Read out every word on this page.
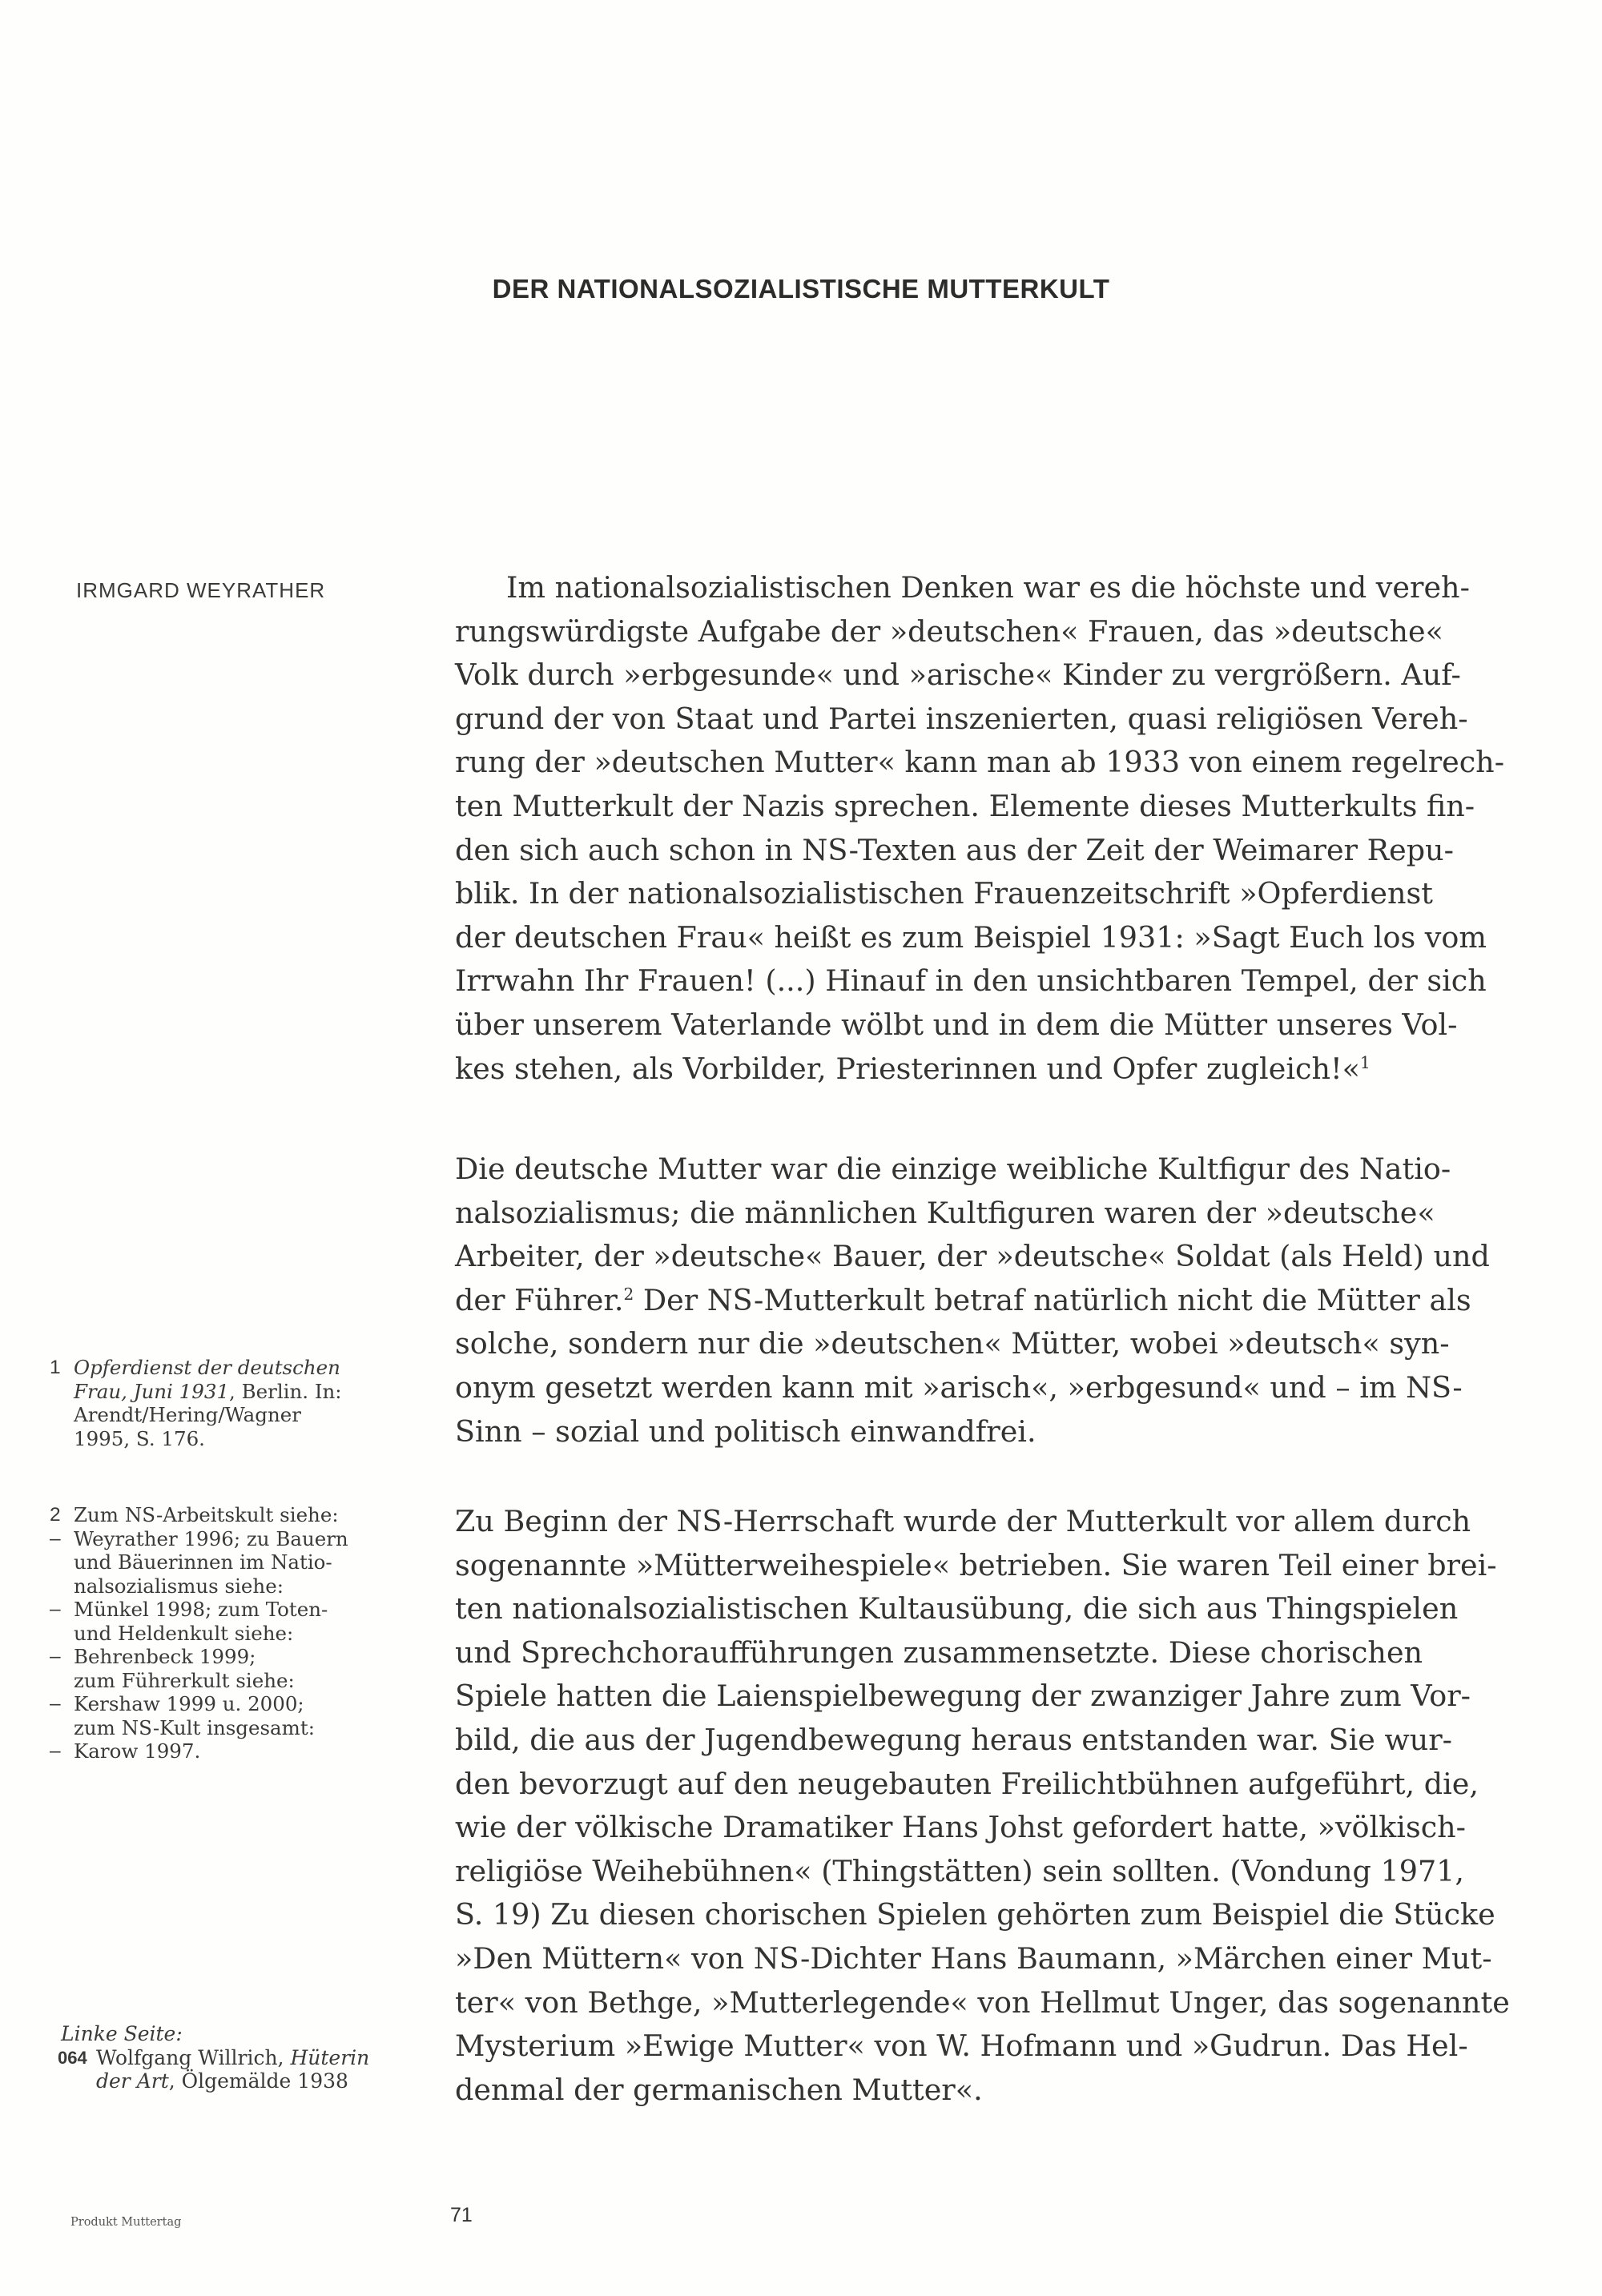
DER NATIONALSOZIALISTISCHE MUTTERKULT
IRMGARD WEYRATHER	Im nationalsozialistischen Denken war es die höchste und vereh-
rungswürdigste Aufgabe der »deutschen« Frauen, das »deutsche«
Volk durch »erbgesunde« und »arische« Kinder zu vergrößern. Auf-
grund der von Staat und Partei inszenierten, quasi religiösen Vereh-
rung der »deutschen Mutter« kann man ab 1933 von einem regelrech-
ten Mutterkult der Nazis sprechen. Elemente dieses Mutterkults fin-
den sich auch schon in NS-Texten aus der Zeit der Weimarer Repu-
blik. In der nationalsozialistischen Frauenzeitschrift »Opferdienst
der deutschen Frau« heißt es zum Beispiel 1931: »Sagt Euch los vom
Irrwahn Ihr Frauen! (...) Hinauf in den unsichtbaren Tempel, der sich
über unserem Vaterlande wölbt und in dem die Mütter unseres Vol-
kes stehen, als Vorbilder, Priesterinnen und Opfer zugleich!«$^1$

Die deutsche Mutter war die einzige weibliche Kultfigur des Natio-
nalsozialismus; die männlichen Kultfiguren waren der »deutsche«
Arbeiter, der »deutsche« Bauer, der »deutsche« Soldat (als Held) und
der Führer.$^2$ Der NS-Mutterkult betraf natürlich nicht die Mütter als
solche, sondern nur die »deutschen« Mütter, wobei »deutsch« syn-
onym gesetzt werden kann mit »arisch«, »erbgesund« und – im NS-
Sinn – sozial und politisch einwandfrei.

Zu Beginn der NS-Herrschaft wurde der Mutterkult vor allem durch
sogenannte »Mütterweihespiele« betrieben. Sie waren Teil einer brei-
ten nationalsozialistischen Kultausübung, die sich aus Thingspielen
und Sprechchoraufführungen zusammensetzte. Diese chorischen
Spiele hatten die Laienspielbewegung der zwanziger Jahre zum Vor-
bild, die aus der Jugendbewegung heraus entstanden war. Sie wur-
den bevorzugt auf den neugebauten Freilichtbühnen aufgeführt, die,
wie der völkische Dramatiker Hans Johst gefordert hatte, »völkisch-
religiöse Weihebühnen« (Thingstätten) sein sollten. (Vondung 1971,
S. 19) Zu diesen chorischen Spielen gehörten zum Beispiel die Stücke
»Den Müttern« von NS-Dichter Hans Baumann, »Märchen einer Mut-
ter« von Bethge, »Mutterlegende« von Hellmut Unger, das sogenannte
Mysterium »Ewige Mutter« von W. Hofmann und »Gudrun. Das Hel-
denmal der germanischen Mutter«.

1 Opferdienst der deutschen
Frau, Juni 1931, Berlin. In:
Arendt/Hering/Wagner
1995, S. 176.
2 Zum NS-Arbeitskult siehe:
– Weyrather 1996; zu Bauern
und Bäuerinnen im Natio-
nalsozialismus siehe:
– Münkel 1998; zum Toten-
und Heldenkult siehe:
– Behrenbeck 1999;
zum Führerkult siehe:
– Kershaw 1999 u. 2000;
zum NS-Kult insgesamt:
– Karow 1997.
Linke Seite:
064 Wolfgang Willrich, Hüterin
der Art, Ölgemälde 1938
Produkt Muttertag	71
